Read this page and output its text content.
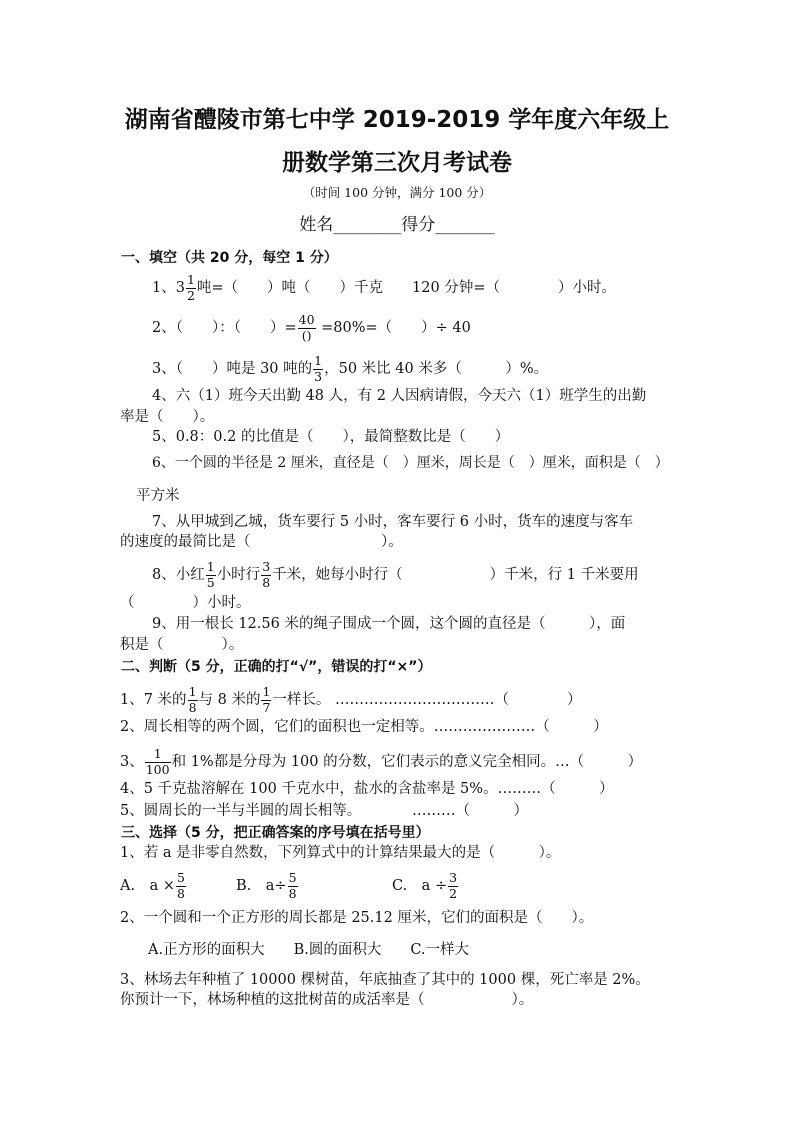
湖南省醴陵市第七中学 2019-2019 学年度六年级上
册数学第三次月考试卷
（时间 100 分钟，满分 100 分）
姓名________得分_______
一、填空（共 20 分，每空 1 分）
1、$3 \frac{1}{2}$ 吨=（　　）吨（　　）千克　　120 分钟=（　　　　）小时。
2、（　　）：（　　）= $\frac{40}{()} =80\%=$（　　）÷ 40
3、（　　）吨是 30 吨的 $\frac{1}{3}$ ，50 米比 40 米多（　　　）%。
4、六（1）班今天出勤 48 人，有 2 人因病请假，今天六（1）班学生的出勤
率是（　　）。
5、0.8：0.2 的比值是（　　），最简整数比是（　　）
6、一个圆的半径是 2 厘米，直径是（　）厘米，周长是（　）厘米，面积是（　）
平方米
7、从甲城到乙城，货车要行 5 小时，客车要行 6 小时，货车的速度与客车
的速度的最简比是（　　　　　　　　　）。
8、小红 $\frac{1}{5}$ 小时行 $\frac{3}{8}$ 千米，她每小时行（　　　　　　）千米，行 1 千米要用
（　　　　）小时。
9、用一根长 12.56 米的绳子围成一个圆，这个圆的直径是（　　　），面
积是（　　　　）。
二、判断（5 分，正确的打“√”，错误的打“×”）
1、7 米的 $\frac{1}{8}$ 与 8 米的 $\frac{1}{7}$ 一样长。 ……………………………（　　　　）
2、周长相等的两个圆，它们的面积也一定相等。…………………（　　　）
3、 $\frac{1}{100}$ 和 1%都是分母为 100 的分数，它们表示的意义完全相同。…（　　　）
4、5 千克盐溶解在 100 千克水中，盐水的含盐率是 5%。………（　　　）
5、圆周长的一半与半圆的周长相等。　　　　………（　　　）
三、选择（5 分，把正确答案的序号填在括号里）
1、若 a 是非零自然数，下列算式中的计算结果最大的是（　　　）。
A.　$a \times \frac{5}{8}$	B.　$a\div \frac{5}{8}$	C.　$a \div \frac{3}{2}$
2、一个圆和一个正方形的周长都是 25.12 厘米，它们的面积是（　　）。
A.正方形的面积大　　B.圆的面积大　　C.一样大
3、林场去年种植了 10000 棵树苗，年底抽查了其中的 1000 棵，死亡率是 2%。
你预计一下，林场种植的这批树苗的成活率是（　　　　　　）。
